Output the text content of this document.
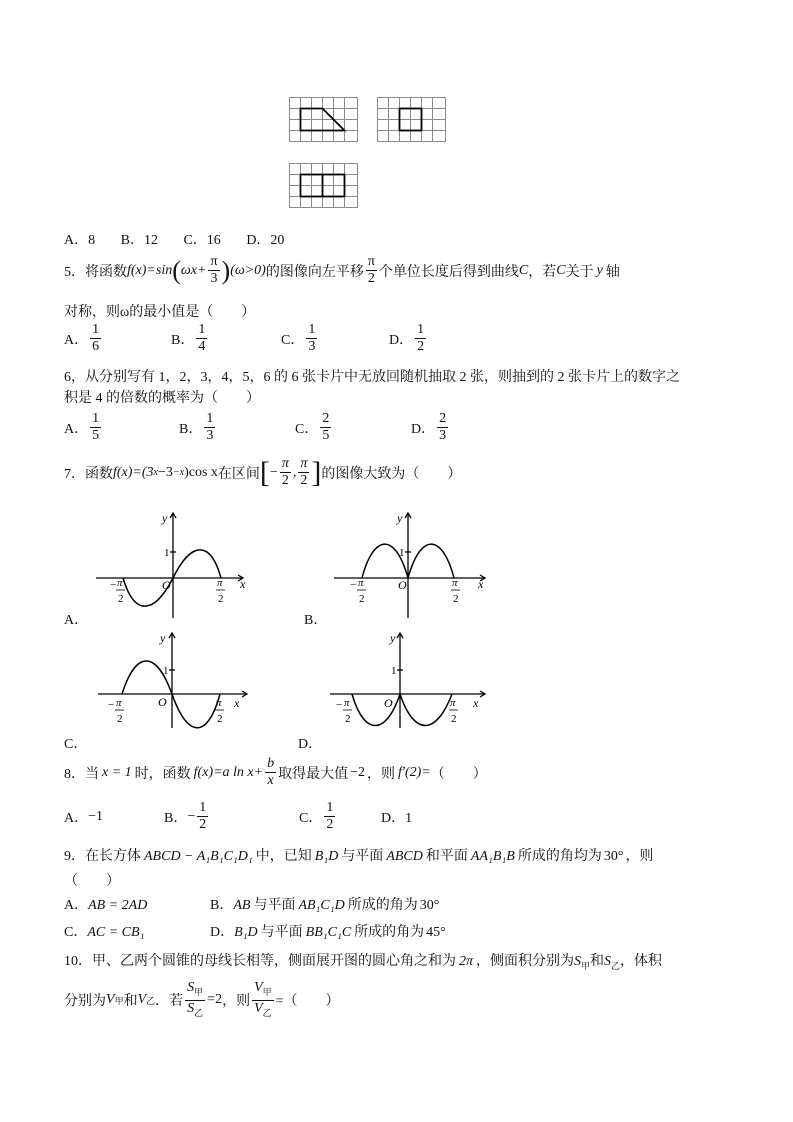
A．8 B．12 C．16 D．20
5．将函数 f(x)=sin ( $\omega x+ \frac{\pi}{3}$ ) (ω>0) 的图像向左平移 $\frac{\pi}{2}$ 个单位长度后得到曲线 C ，若 C 关于 y 轴
对称，则ω的最小值是（　　）
A． $\frac{1}{6}$	B． $\frac{1}{4}$	C． $\frac{1}{3}$	D． $\frac{1}{2}$
6，从分别写有 1，2，3，4，5，6 的 6 张卡片中无放回随机抽取 2 张，则抽到的 2 张卡片上的数字之
积是 4 的倍数的概率为（　　）
A． $\frac{1}{5}$	B． $\frac{1}{3}$	C． $\frac{2}{5}$	D． $\frac{2}{3}$
7．函数 f(x)=(3 x −3 −x )cos x 在区间 [ − $\frac{\pi}{2}$ , $\frac{\pi}{2}$ ] 的图像大致为（　　）
y
x
O
1
− π
2
π
2
A．
y
x
O
1
− π
2
π
2
B．
y
x
O
1
− π
2
π
2
C．
y
x
O
1
− π
2
π
2
D．
8．当 x = 1 时，函数 f(x)=a $\ln x+ \frac{b}{x}$ 取得最大值 −2 ，则 f′(2)= （　　）
A． −1	B． − $\frac{1}{2}$	C． $\frac{1}{2}$	D．1
9．在长方体 ABCD − A₁B₁C₁D₁ 中，已知 B₁D 与平面 ABCD 和平面 AA₁B₁B 所成的角均为 30° ，则
（　　）
A．AB = 2AD	B．AB 与平面 AB₁C₁D 所成的角为 30°
C．AC = CB₁	D．B₁D 与平面 BB₁C₁C 所成的角为 45°
10．甲、乙两个圆锥的母线长相等，侧面展开图的圆心角之和为 2π ，侧面积分别为$S_甲$和$S_乙$，体积
分别为 V 甲 和 V 乙 ．若 $\frac{S_甲}{S_乙} =2$ ，则 $\frac{V_甲}{V_乙}$ =（　　）
